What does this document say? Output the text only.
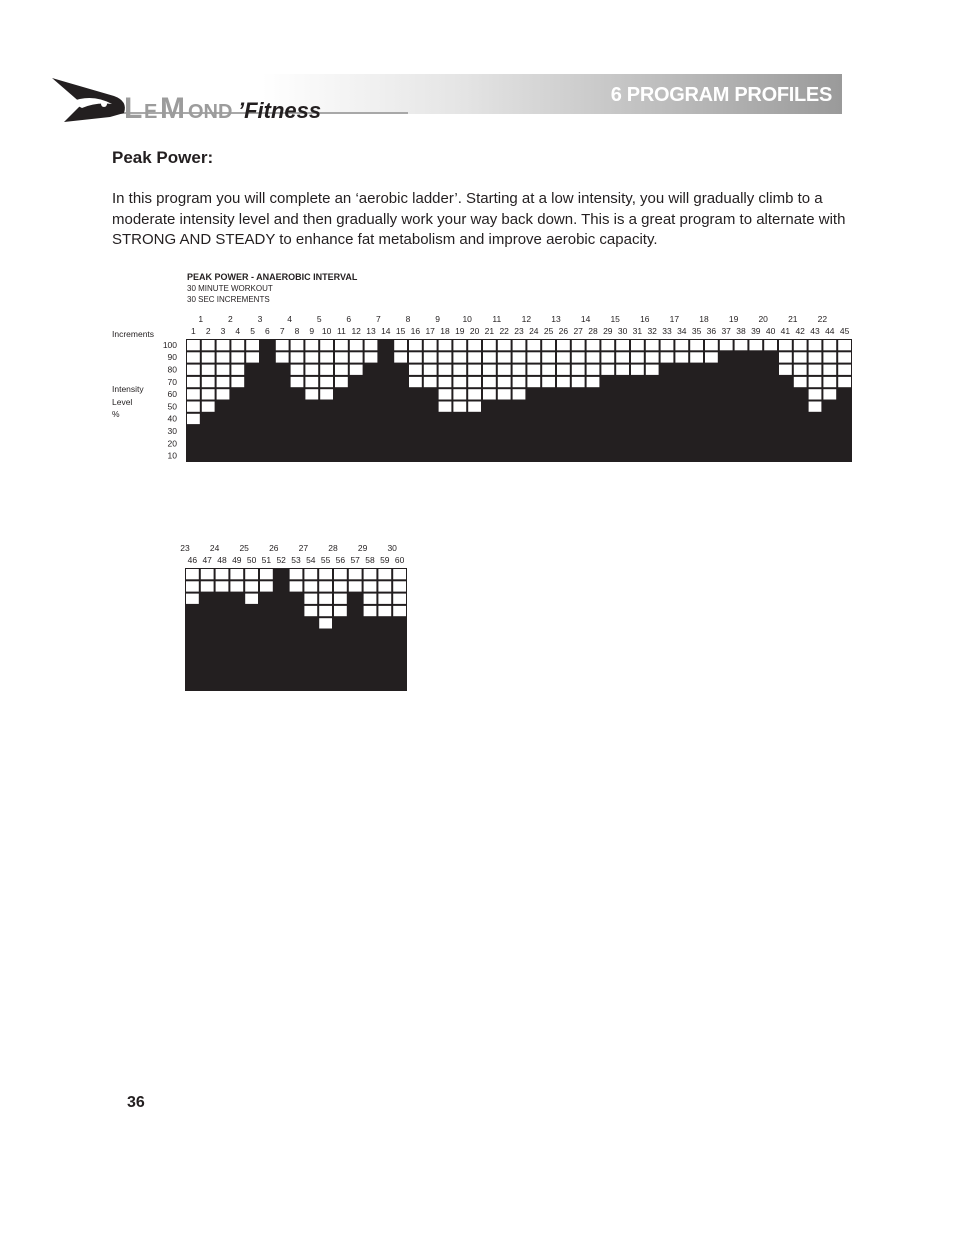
6 PROGRAM PROFILES
L E M OND ’Fitness
Peak Power:
In this program you will complete an ‘aerobic ladder’. Starting at a low intensity, you will gradually climb to a moderate intensity level and then gradually work your way back down. This is a great program to alternate with STRONG AND STEADY to enhance fat metabolism and improve aerobic capacity.
PEAK POWER - ANAEROBIC INTERVAL
30 MINUTE WORKOUT
30 SEC INCREMENTS
Increments
Intensity
Level
%
1 2
1
3 4
2
5 6
3
7 8
4
9 10
5
11 12
6
13 14
7
15 16
8
17 18
9
19 20
10
21 22
11
23 24
12
25 26
13
27 28
14
29 30
15
31 32
16
33 34
17
35 36
18
37 38
19
39 40
20
41 42
21
43 44
22
45
100
90
80
70
60
50
40
30
20
10
46
23
47 48
24
49 50
25
51 52
26
53 54
27
55 56
28
57 58
29
59 60
30
36
